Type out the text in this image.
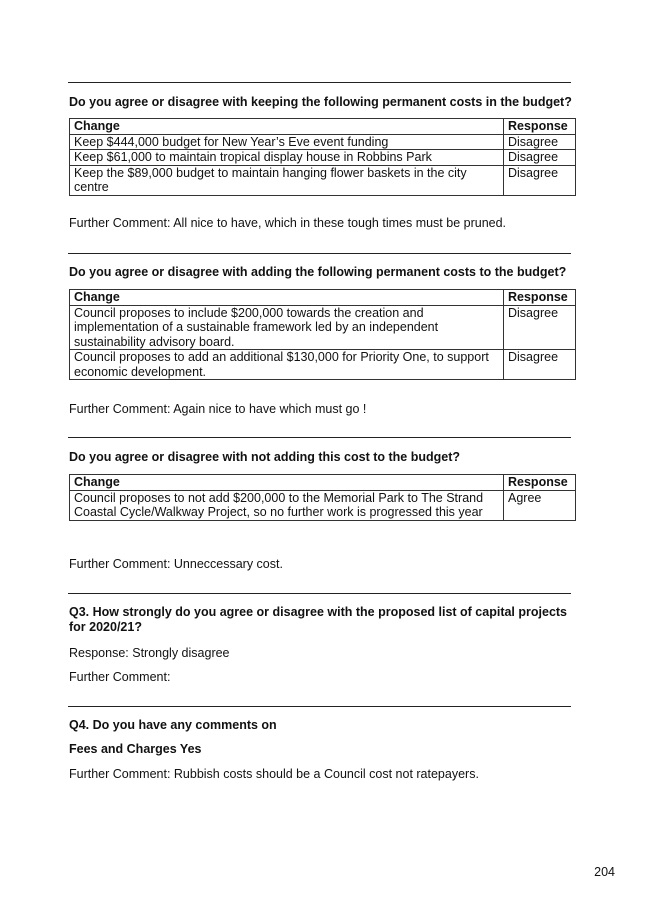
Do you agree or disagree with keeping the following permanent costs in the budget?
Change	Response
Keep $444,000 budget for New Year’s Eve event funding	Disagree
Keep $61,000 to maintain tropical display house in Robbins Park	Disagree
Keep the $89,000 budget to maintain hanging flower baskets in the city centre	Disagree
Further Comment: All nice to have, which in these tough times must be pruned.
Do you agree or disagree with adding the following permanent costs to the budget?
Change	Response
Council proposes to include $200,000 towards the creation and implementation of a sustainable framework led by an independent sustainability advisory board.	Disagree
Council proposes to add an additional $130,000 for Priority One, to support economic development.	Disagree
Further Comment: Again nice to have which must go !
Do you agree or disagree with not adding this cost to the budget?
Change	Response
Council proposes to not add $200,000 to the Memorial Park to The Strand Coastal Cycle/Walkway Project, so no further work is progressed this year	Agree
Further Comment: Unneccessary cost.
Q3. How strongly do you agree or disagree with the proposed list of capital projects for 2020/21?
Response: Strongly disagree
Further Comment:
Q4. Do you have any comments on
Fees and Charges Yes
Further Comment: Rubbish costs should be a Council cost not ratepayers.
204
